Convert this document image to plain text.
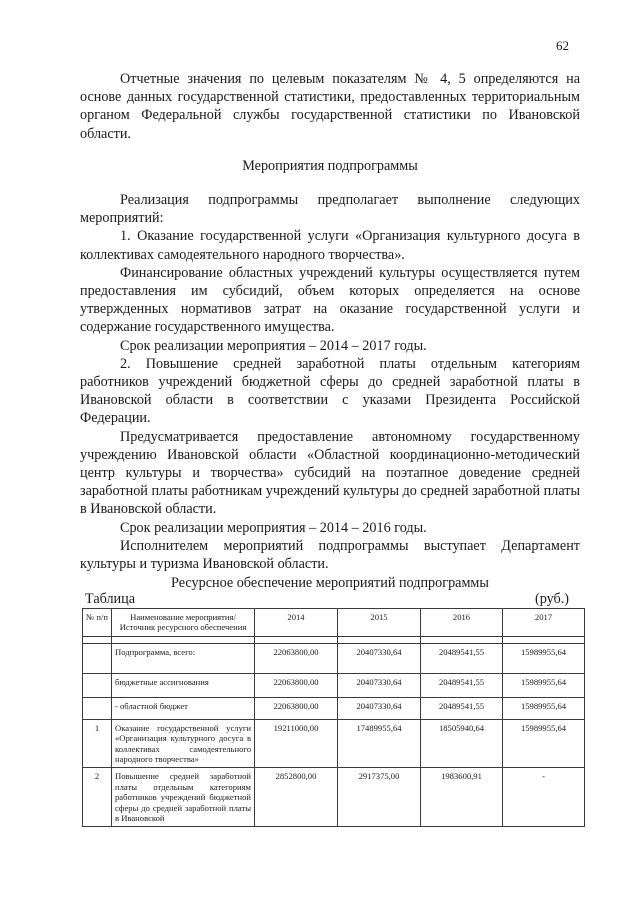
62

Отчетные значения по целевым показателям № 4, 5 определяются на основе данных государственной статистики, предоставленных территориальным органом Федеральной службы государственной статистики по Ивановской области.

Мероприятия подпрограммы

Реализация подпрограммы предполагает выполнение следующих мероприятий:

1. Оказание государственной услуги «Организация культурного досуга в коллективах самодеятельного народного творчества».

Финансирование областных учреждений культуры осуществляется путем предоставления им субсидий, объем которых определяется на основе утвержденных нормативов затрат на оказание государственной услуги и содержание государственного имущества.

Срок реализации мероприятия – 2014 – 2017 годы.

2. Повышение средней заработной платы отдельным категориям работников учреждений бюджетной сферы до средней заработной платы в Ивановской области в соответствии с указами Президента Российской Федерации.

Предусматривается предоставление автономному государственному учреждению Ивановской области «Областной координационно-методический центр культуры и творчества» субсидий на поэтапное доведение средней заработной платы работникам учреждений культуры до средней заработной платы в Ивановской области.

Срок реализации мероприятия – 2014 – 2016 годы.

Исполнителем мероприятий подпрограммы выступает Департамент культуры и туризма Ивановской области.

Ресурсное обеспечение мероприятий подпрограммы
Таблица	(руб.)
№ п/п	Наименование мероприятия/Источник ресурсного обеспечения	2014	2015	2016	2017

	Подпрограмма, всего:	22063800,00	20407330,64	20489541,55	15989955,64
	бюджетные ассигнования	22063800,00	20407330,64	20489541,55	15989955,64
	- областной бюджет	22063800,00	20407330,64	20489541,55	15989955,64
1	Оказание государственной услуги «Организация культурного досуга в коллективах самодеятельного народного творчества»	19211000,00	17489955,64	18505940,64	15989955,64
2	Повышение средней заработной платы отдельным категориям работников учреждений бюджетной сферы до средней заработной платы в Ивановской	2852800,00	2917375,00	1983600,91	-
